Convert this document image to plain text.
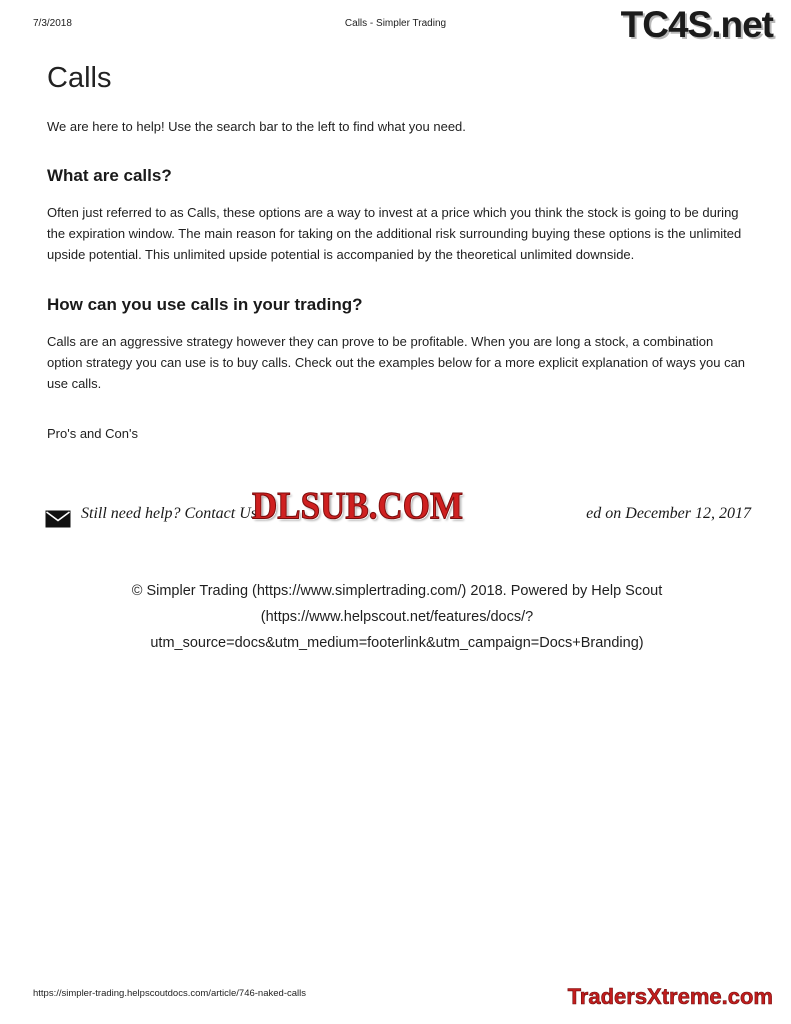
7/3/2018	Calls - Simpler Trading	TC4S.net
Calls

We are here to help! Use the search bar to the left to find what you need.

What are calls?

Often just referred to as Calls, these options are a way to invest at a price which you think the stock is going to be during the expiration window. The main reason for taking on the additional risk surrounding buying these options is the unlimited upside potential. This unlimited upside potential is accompanied by the theoretical unlimited downside.

How can you use calls in your trading?

Calls are an aggressive strategy however they can prove to be profitable. When you are long a stock, a combination option strategy you can use is to buy calls. Check out the examples below for a more explicit explanation of ways you can use calls.

Pro's and Con's

Still need help? Contact Us	ed on December 12, 2017
DLSUB.COM
© Simpler Trading (https://www.simplertrading.com/) 2018. Powered by Help Scout
(https://www.helpscout.net/features/docs/?
utm_source=docs&utm_medium=footerlink&utm_campaign=Docs+Branding)
https://simpler-trading.helpscoutdocs.com/article/746-naked-calls	TradersXtreme.com
